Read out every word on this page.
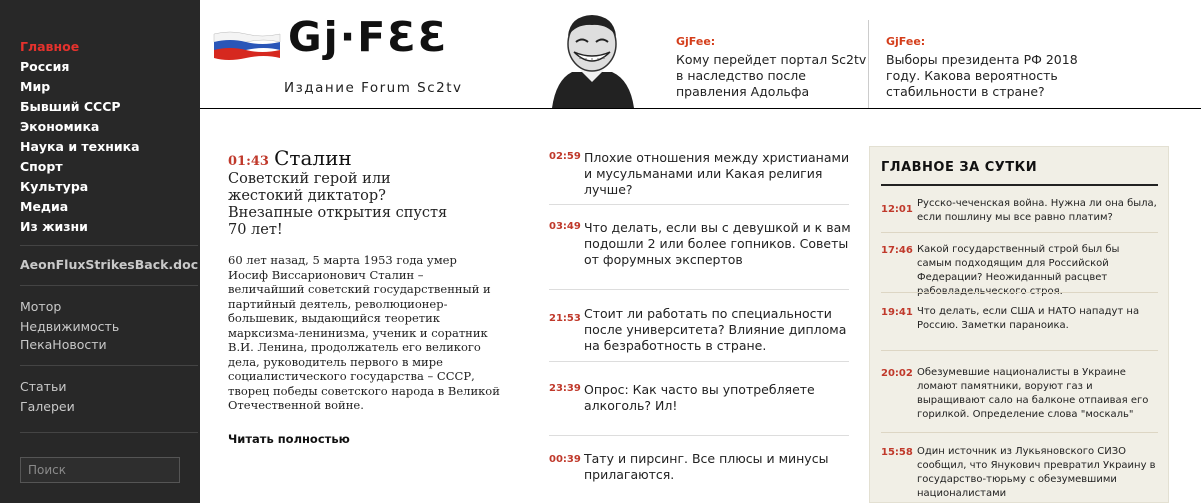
Главное
Россия
Мир
Бывший СССР
Экономика
Наука и техника
Спорт
Культура
Медиа
Из жизни
AeonFluxStrikesBack.doc
Мотор
Недвижимость
ПекаНовости
Статьи
Галереи
Поиск
Gj·FƐƐ
Издание Forum Sc2tv
GjFee:
Кому перейдет портал Sc2tv в наследство после правления Адольфа
GjFee:
Выборы президента РФ 2018 году. Какова вероятность стабильности в стране?
01:43 Сталин
Советский герой или жестокий диктатор? Внезапные открытия спустя 70 лет!
60 лет назад, 5 марта 1953 года умер Иосиф Виссарионович Сталин – величайший советский государственный и партийный деятель, революционер-большевик, выдающийся теоретик марксизма-ленинизма, ученик и соратник В.И. Ленина, продолжатель его великого дела, руководитель первого в мире социалистического государства – СССР, творец победы советского народа в Великой Отечественной войне.
Читать полностью
02:59 Плохие отношения между христианами и мусульманами или Какая религия лучше?
03:49 Что делать, если вы с девушкой и к вам подошли 2 или более гопников. Советы от форумных экспертов
21:53 Стоит ли работать по специальности после университета? Влияние диплома на безработность в стране.
23:39 Опрос: Как часто вы употребляете алкоголь? Ил!
00:39 Тату и пирсинг. Все плюсы и минусы прилагаются.
ГЛАВНОЕ ЗА СУТКИ
12:01
Русско-чеченская война. Нужна ли она была, если пошлину мы все равно платим?
17:46 Какой государственный строй был бы самым подходящим для Российской Федерации? Неожиданный расцвет
19:41 Что делать, если США и НАТО нападут на Россию. Заметки параноика.
20:02 Обезумевшие националисты в Украине ломают памятники, воруют газ и выращивают сало на балконе отпаивая его горилкой. Определение слова "москаль"
15:58 Один источник из Лукьяновского СИЗО сообщил, что Янукович превратил Украину в государство-тюрьму с обезумевшими националистами
